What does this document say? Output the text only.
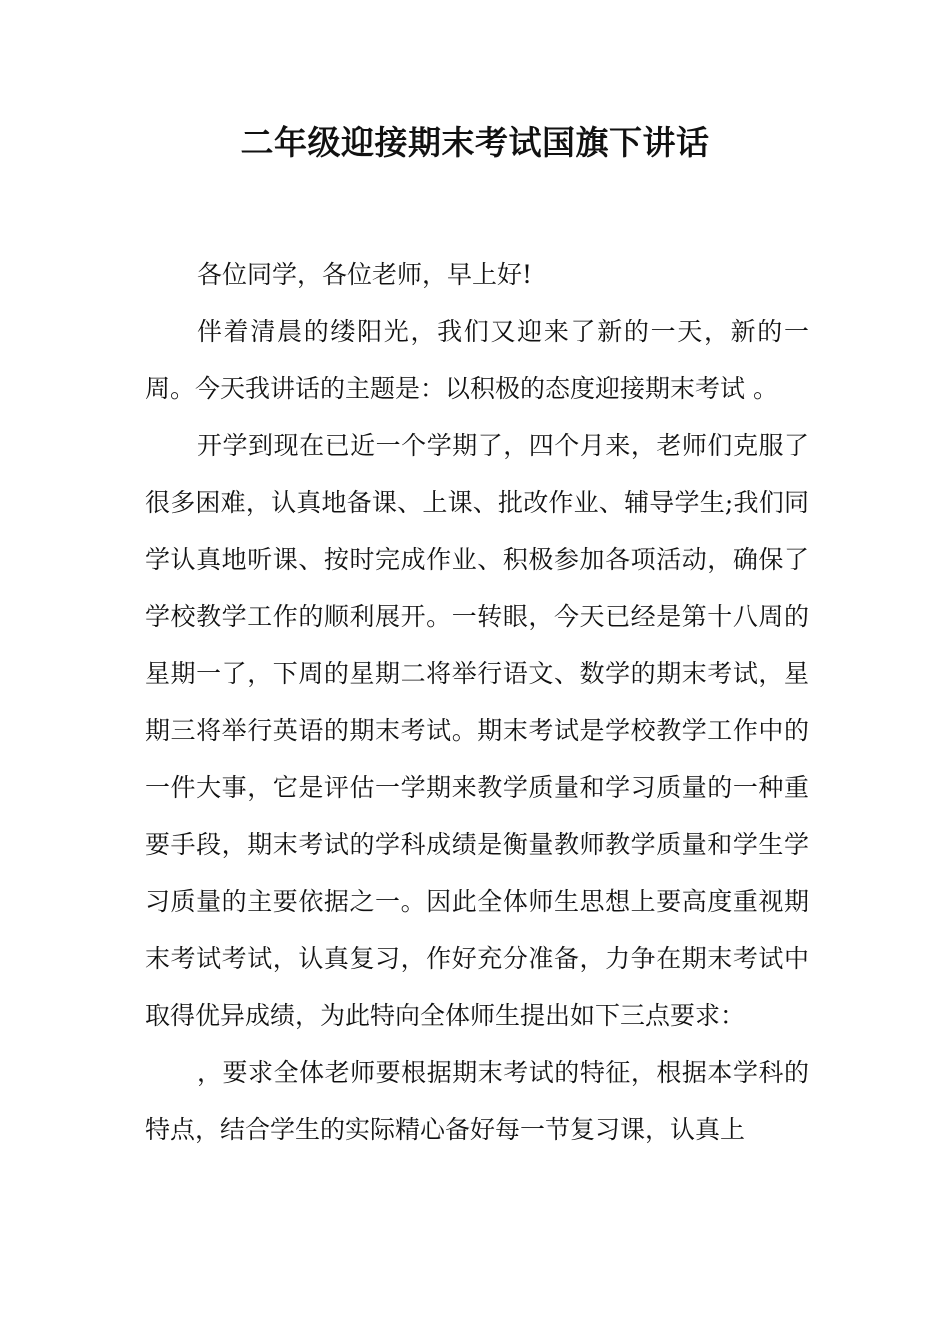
二年级迎接期末考试国旗下讲话

各位同学，各位老师，早上好!

伴着清晨的缕阳光，我们又迎来了新的一天，新的一周。今天我讲话的主题是：以积极的态度迎接期末考试 。

开学到现在已近一个学期了，四个月来，老师们克服了很多困难，认真地备课、上课、批改作业、辅导学生;我们同学认真地听课、按时完成作业、积极参加各项活动，确保了学校教学工作的顺利展开。一转眼，今天已经是第十八周的星期一了，下周的星期二将举行语文、数学的期末考试，星期三将举行英语的期末考试。期末考试是学校教学工作中的一件大事，它是评估一学期来教学质量和学习质量的一种重要手段，期末考试的学科成绩是衡量教师教学质量和学生学习质量的主要依据之一。因此全体师生思想上要高度重视期末考试考试，认真复习，作好充分准备，力争在期末考试中取得优异成绩，为此特向全体师生提出如下三点要求：

，要求全体老师要根据期末考试的特征，根据本学科的特点，结合学生的实际精心备好每一节复习课，认真上
